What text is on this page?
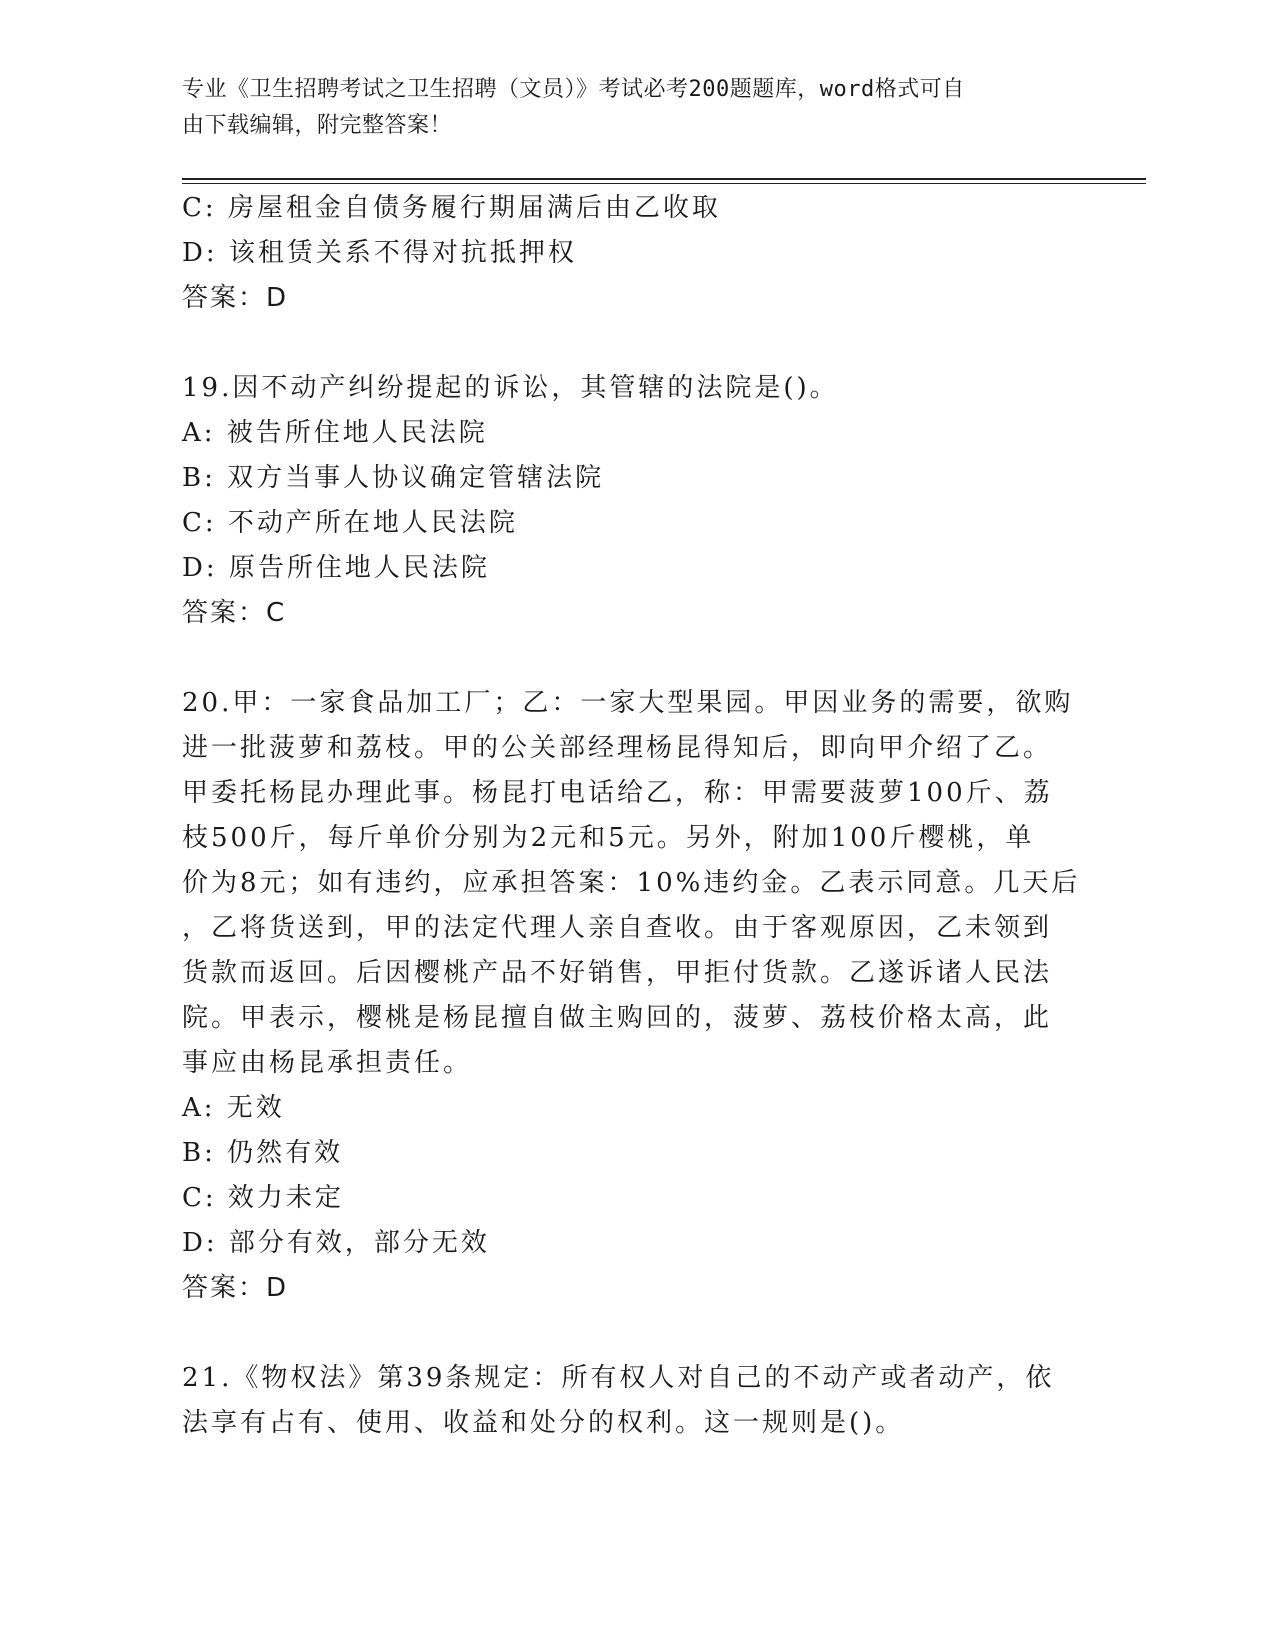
专业《卫生招聘考试之卫生招聘（文员）》考试必考200题题库，word格式可自
由下载编辑，附完整答案！
C: 房屋租金自债务履行期届满后由乙收取
D: 该租赁关系不得对抗抵押权
答案：D
19.因不动产纠纷提起的诉讼，其管辖的法院是()。
A: 被告所住地人民法院
B: 双方当事人协议确定管辖法院
C: 不动产所在地人民法院
D: 原告所住地人民法院
答案：C
20.甲：一家食品加工厂；乙：一家大型果园。甲因业务的需要，欲购
进一批菠萝和荔枝。甲的公关部经理杨昆得知后，即向甲介绍了乙。
甲委托杨昆办理此事。杨昆打电话给乙，称：甲需要菠萝100斤、荔
枝500斤，每斤单价分别为2元和5元。另外，附加100斤樱桃，单
价为8元；如有违约，应承担答案：10%违约金。乙表示同意。几天后
，乙将货送到，甲的法定代理人亲自查收。由于客观原因，乙未领到
货款而返回。后因樱桃产品不好销售，甲拒付货款。乙遂诉诸人民法
院。甲表示，樱桃是杨昆擅自做主购回的，菠萝、荔枝价格太高，此
事应由杨昆承担责任。
A: 无效
B: 仍然有效
C: 效力未定
D: 部分有效，部分无效
答案：D
21.《物权法》第39条规定：所有权人对自己的不动产或者动产，依
法享有占有、使用、收益和处分的权利。这一规则是()。
